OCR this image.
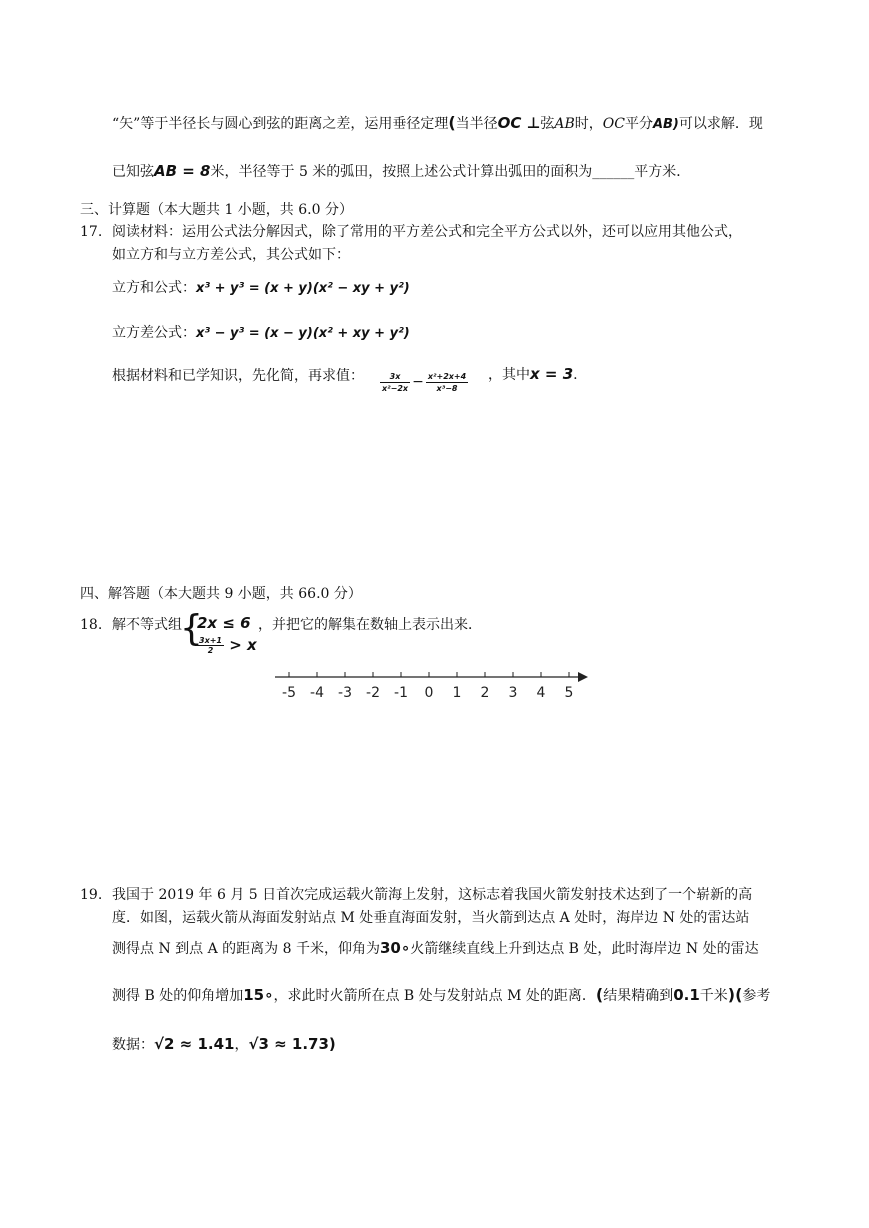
“矢”等于半径长与圆心到弦的距离之差，运用垂径定理(当半径OC ⊥弦AB时，OC平分AB)可以求解．现
已知弦AB = 8米，半径等于 5 米的弧田，按照上述公式计算出弧田的面积为______平方米．
三、计算题（本大题共 1 小题，共 6.0 分）
17. 阅读材料：运用公式法分解因式，除了常用的平方差公式和完全平方公式以外，还可以应用其他公式，
如立方和与立方差公式，其公式如下：
立方和公式：x³ + y³ = (x + y)(x² − xy + y²)
立方差公式：x³ − y³ = (x − y)(x² + xy + y²)
根据材料和已学知识，先化简，再求值： $\frac{3x}{\text{x²−2x}} - \frac{\text{x²+2x+4}}{\text{x³−8}}$ ，其中x = 3.
四、解答题（本大题共 9 小题，共 66.0 分）
18. 解不等式组
{
2x ≤ 6
$\frac{3x+1}{2} > x$
，并把它的解集在数轴上表示出来．
-5 -4 -3 -2 -1 0 1 2 3 4 5
19. 我国于 2019 年 6 月 5 日首次完成运载火箭海上发射，这标志着我国火箭发射技术达到了一个崭新的高
度．如图，运载火箭从海面发射站点 M 处垂直海面发射，当火箭到达点 A 处时，海岸边 N 处的雷达站
测得点 N 到点 A 的距离为 8 千米，仰角为30∘火箭继续直线上升到达点 B 处，此时海岸边 N 处的雷达
测得 B 处的仰角增加15∘，求此时火箭所在点 B 处与发射站点 M 处的距离．(结果精确到0.1千米)(参考
数据：√2 ≈ 1.41，√3 ≈ 1.73)
